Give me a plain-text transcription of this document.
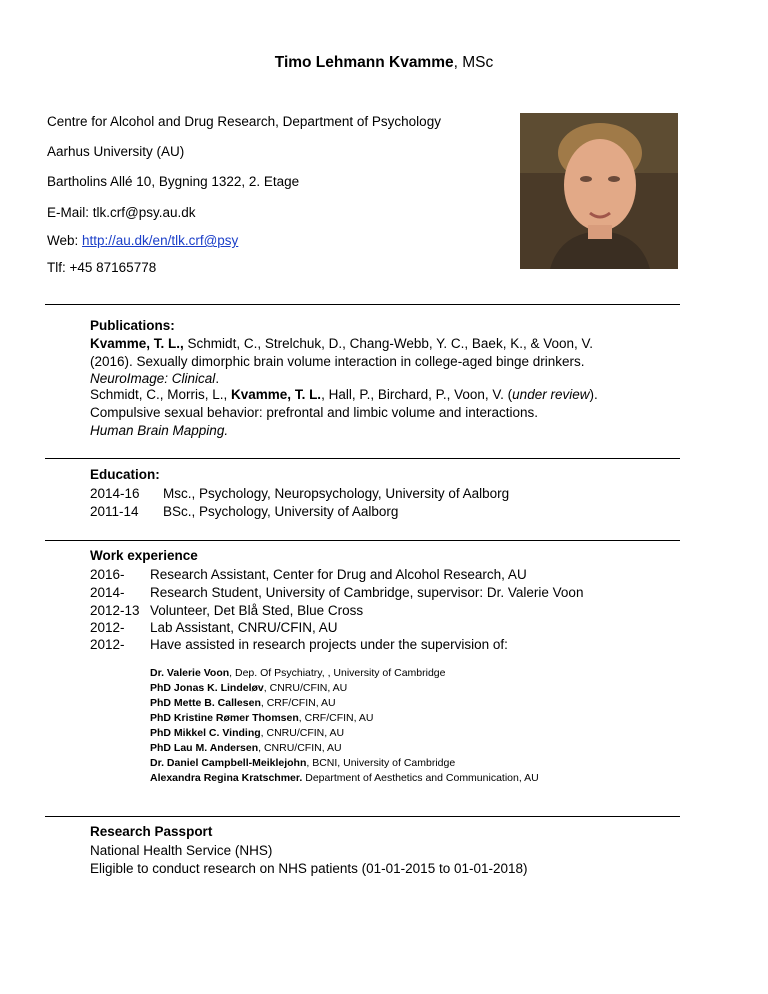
Timo Lehmann Kvamme, MSc
Centre for Alcohol and Drug Research, Department of Psychology
Aarhus University (AU)
Bartholins Allé 10, Bygning 1322, 2. Etage
E-Mail: tlk.crf@psy.au.dk
Web: http://au.dk/en/tlk.crf@psy
Tlf: +45 87165778
Publications:
Kvamme, T. L., Schmidt, C., Strelchuk, D., Chang-Webb, Y. C., Baek, K., & Voon, V.
(2016). Sexually dimorphic brain volume interaction in college-aged binge drinkers.
NeuroImage: Clinical.
Schmidt, C., Morris, L., Kvamme, T. L., Hall, P., Birchard, P., Voon, V. (under review).
Compulsive sexual behavior: prefrontal and limbic volume and interactions.
Human Brain Mapping.
Education:
2014-16 Msc., Psychology, Neuropsychology, University of Aalborg
2011-14 BSc., Psychology, University of Aalborg
Work experience
2016- Research Assistant, Center for Drug and Alcohol Research, AU
2014- Research Student, University of Cambridge, supervisor: Dr. Valerie Voon
2012-13 Volunteer, Det Blå Sted, Blue Cross
2012- Lab Assistant, CNRU/CFIN, AU
2012- Have assisted in research projects under the supervision of:
Dr. Valerie Voon, Dep. Of Psychiatry, , University of Cambridge
PhD Jonas K. Lindeløv, CNRU/CFIN, AU
PhD Mette B. Callesen, CRF/CFIN, AU
PhD Kristine Rømer Thomsen, CRF/CFIN, AU
PhD Mikkel C. Vinding, CNRU/CFIN, AU
PhD Lau M. Andersen, CNRU/CFIN, AU
Dr. Daniel Campbell-Meiklejohn, BCNI, University of Cambridge
Alexandra Regina Kratschmer. Department of Aesthetics and Communication, AU
Research Passport
National Health Service (NHS)
Eligible to conduct research on NHS patients (01-01-2015 to 01-01-2018)
